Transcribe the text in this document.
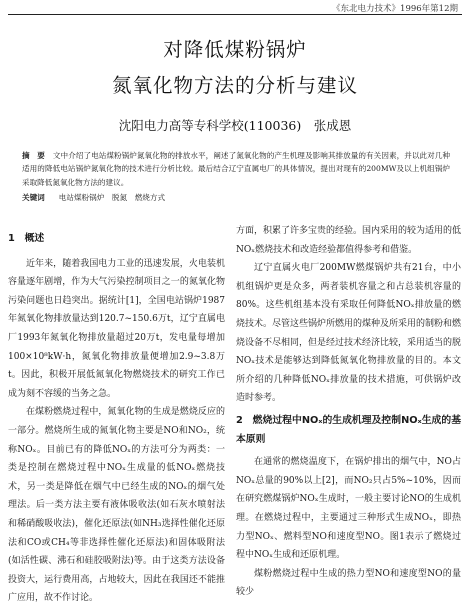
《东北电力技术》1996年第12期
对降低煤粉锅炉
氮氧化物方法的分析与建议
沈阳电力高等专科学校(110036)　张成恩
摘　要 文中介绍了电站煤粉锅炉氮氧化物的排放水平，阐述了氮氧化物的产生机理及影响其排放量的有关因素，并以此对几种适用的降低电站锅炉氮氧化物的技术进行分析比较。最后结合辽宁直属电厂的具体情况，提出对现有的200MW及以上机组锅炉采取降低氮氧化物方法的建议。
关键词 电站煤粉锅炉　脱氮　燃烧方式
1　概述

近年来，随着我国电力工业的迅速发展，火电装机容量逐年剧增，作为大气污染控制项目之一的氮氧化物污染问题也日趋突出。据统计[1]，全国电站锅炉1987年氮氧化物排放量达到120.7~150.6万t，辽宁直属电厂1993年氮氧化物排放量超过20万t，发电量每增加100×10⁸kW·h，氮氧化物排放量便增加2.9~3.8万t。因此，积极开展低氮氧化物燃烧技术的研究工作已成为刻不容缓的当务之急。

在煤粉燃烧过程中，氮氧化物的生成是燃烧反应的一部分。燃烧所生成的氮氧化物主要是NO和NO₂，统称NOₓ。目前已有的降低NOₓ的方法可分为两类：一类是控制在燃烧过程中NOₓ生成量的低NOₓ燃烧技术，另一类是降低在烟气中已经生成的NOₓ的烟气处理法。后一类方法主要有液体吸收法(如石灰水喷射法和稀硝酸吸收法)，催化还原法(如NH₃选择性催化还原法和CO或CH₄等非选择性催化还原法)和固体吸附法(如活性碳、沸石和硅胶吸附法)等。由于这类方法设备投资大，运行费用高，占地较大，因此在我国还不能推广应用，故不作讨论。

方面，积累了许多宝贵的经验。国内采用的较为适用的低NOₓ燃烧技术和改造经验都值得参考和借鉴。

辽宁直属火电厂200MW燃煤锅炉共有21台，中小机组锅炉更是众多，两者装机容量之和占总装机容量的80%。这些机组基本没有采取任何降低NOₓ排放量的燃烧技术。尽管这些锅炉所燃用的煤种及所采用的制粉和燃烧设备不尽相同，但是经过技术经济比较，采用适当的脱NOₓ技术是能够达到降低氮氧化物排放量的目的。本文所介绍的几种降低NOₓ排放量的技术措施，可供锅炉改造时参考。

2　燃烧过程中NOₓ的生成机理及控制NOₓ生成的基本原则

在通常的燃烧温度下，在锅炉排出的烟气中，NO占NOₓ总量的90%以上[2]，而NO₂只占5%~10%，因而在研究燃煤锅炉NOₓ生成时，一般主要讨论NO的生成机理。在燃烧过程中，主要通过三种形式生成NOₓ，即热力型NOₓ、燃料型NO和速度型NO。图1表示了燃烧过程中NOₓ生成和还原机理。

煤粉燃烧过程中生成的热力型NO和速度型NO的量较少
